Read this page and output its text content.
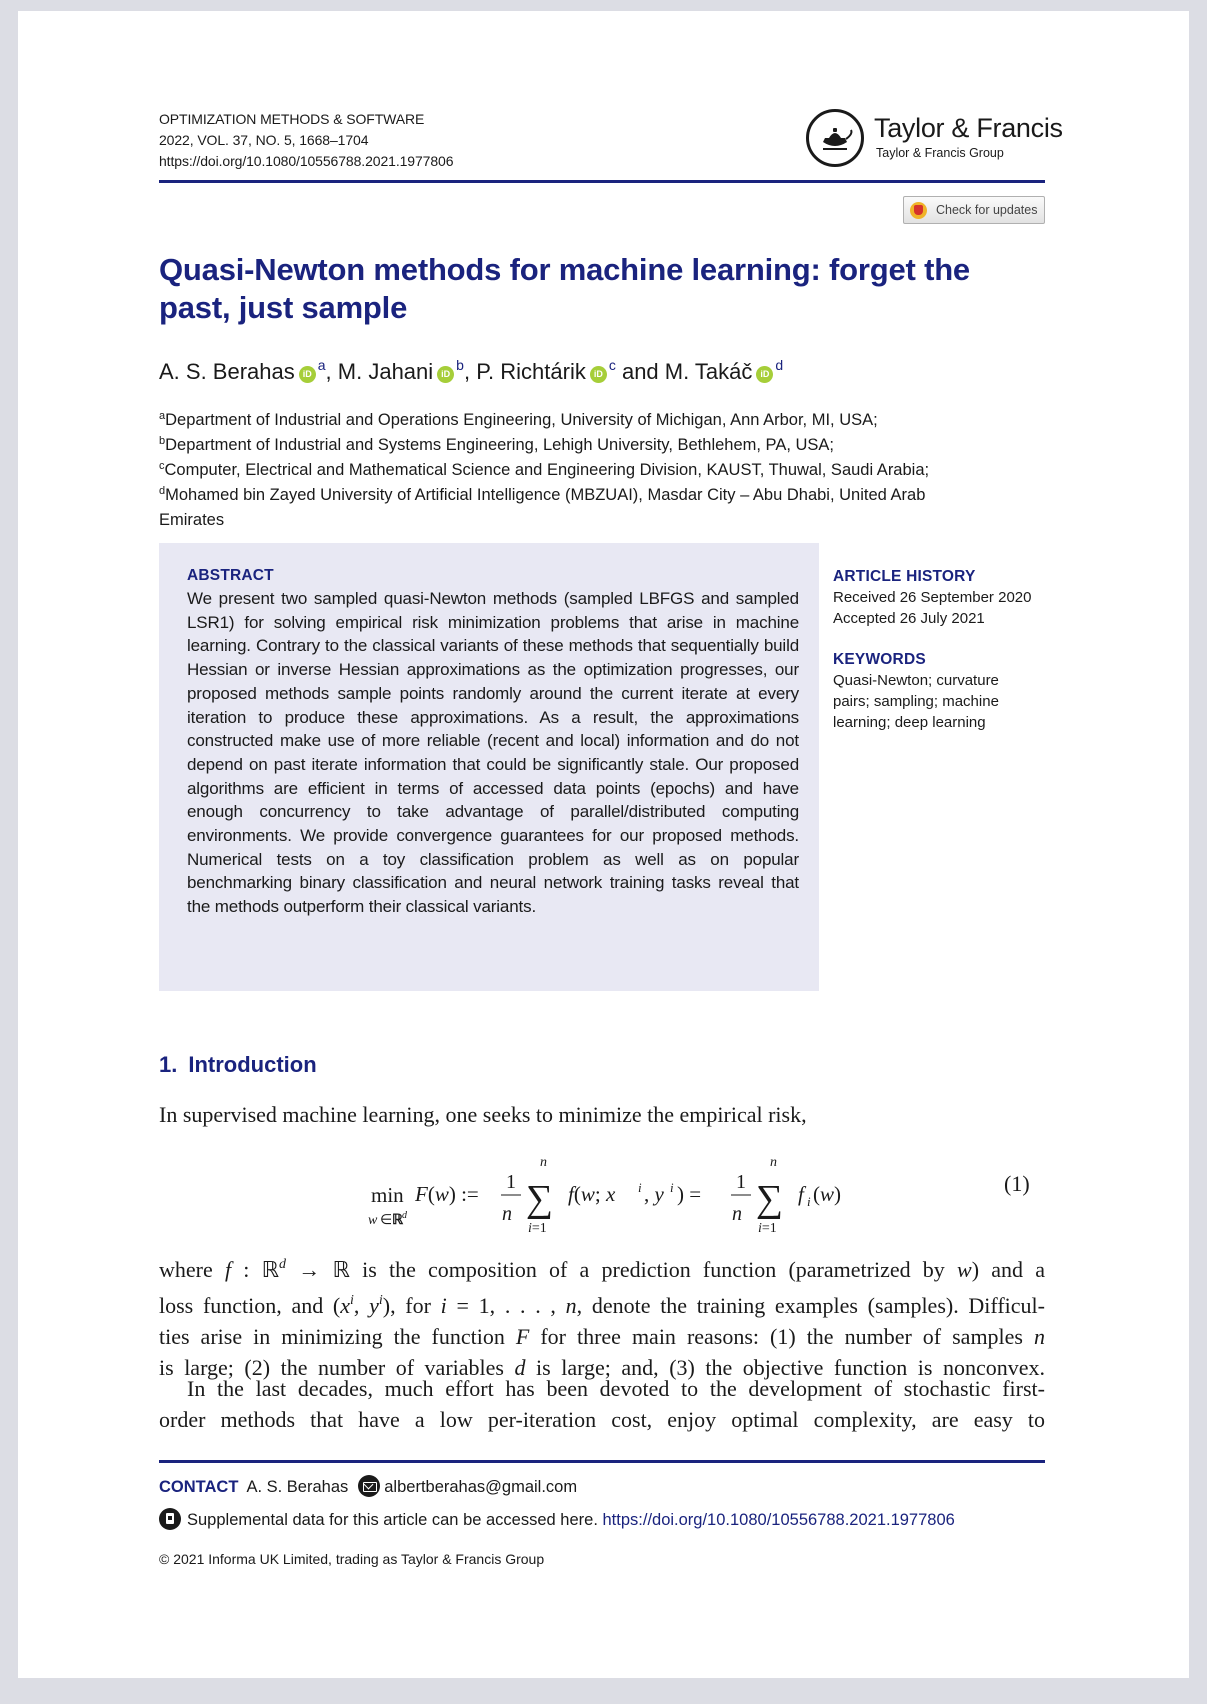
OPTIMIZATION METHODS & SOFTWARE
2022, VOL. 37, NO. 5, 1668–1704
https://doi.org/10.1080/10556788.2021.1977806
Taylor & Francis
Taylor & Francis Group
Check for updates
Quasi-Newton methods for machine learning: forget the past, just sample
A. S. Berahas iD$^a$, M. Jahani iD$^b$, P. Richtárik iD$^c$ and M. Takáč iD$^d$
$^a$Department of Industrial and Operations Engineering, University of Michigan, Ann Arbor, MI, USA;
$^b$Department of Industrial and Systems Engineering, Lehigh University, Bethlehem, PA, USA;
$^c$Computer, Electrical and Mathematical Science and Engineering Division, KAUST, Thuwal, Saudi Arabia;
$^d$Mohamed bin Zayed University of Artificial Intelligence (MBZUAI), Masdar City – Abu Dhabi, United Arab
Emirates
ABSTRACT

We present two sampled quasi-Newton methods (sampled LBFGS and sampled LSR1) for solving empirical risk minimization problems that arise in machine learning. Contrary to the classical variants of these methods that sequentially build Hessian or inverse Hessian approximations as the optimization progresses, our proposed methods sample points randomly around the current iterate at every iteration to produce these approximations. As a result, the approximations constructed make use of more reliable (recent and local) information and do not depend on past iterate information that could be significantly stale. Our proposed algorithms are efficient in terms of accessed data points (epochs) and have enough concurrency to take advantage of parallel/distributed computing environments. We provide convergence guarantees for our proposed methods. Numerical tests on a toy classification problem as well as on popular benchmarking binary classification and neural network training tasks reveal that the methods outperform their classical variants.

ARTICLE HISTORY
Received 26 September 2020
Accepted 26 July 2021
KEYWORDS
Quasi-Newton; curvature
pairs; sampling; machine
learning; deep learning
1. Introduction

In supervised machine learning, one seeks to minimize the empirical risk,

min
w ∈ ℝ
d
F(w) := 1
n
n
∑
i=1
f(w; x i , y i ) = 1
n
n
∑
i=1
f i (w)	(1)
where f : ℝ$^d$ → ℝ is the composition of a prediction function (parametrized by w) and a
loss function, and ($x^i$, $y^i$), for i = 1, . . . , n, denote the training examples (samples). Difficul-
ties arise in minimizing the function F for three main reasons: (1) the number of samples n
is large; (2) the number of variables d is large; and, (3) the objective function is nonconvex.
In the last decades, much effort has been devoted to the development of stochastic first-
order methods that have a low per-iteration cost, enjoy optimal complexity, are easy to
CONTACT A. S. Berahas albertberahas@gmail.com
Supplemental data for this article can be accessed here. https://doi.org/10.1080/10556788.2021.1977806
© 2021 Informa UK Limited, trading as Taylor & Francis Group
